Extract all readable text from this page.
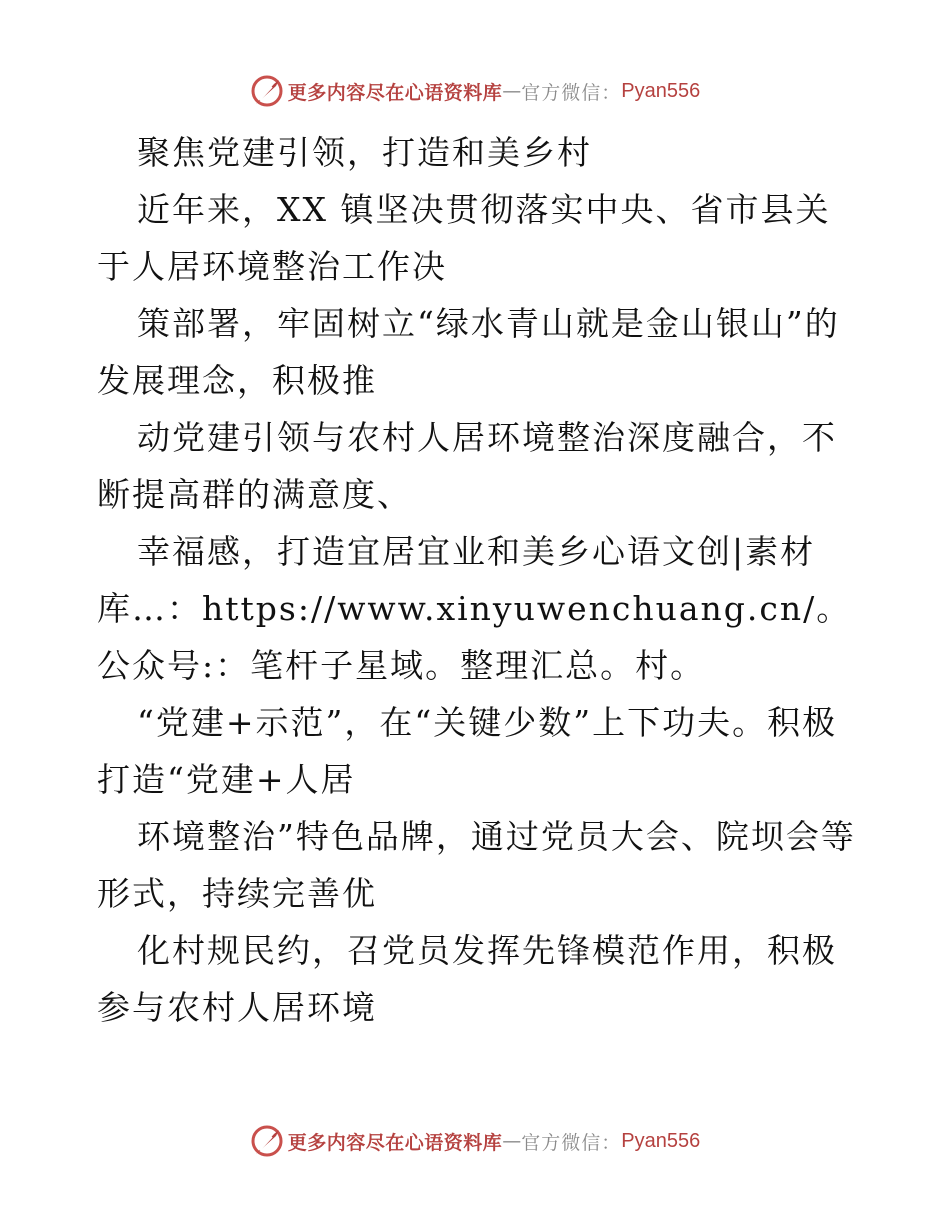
更多内容尽在心语资料库 — 官方微信： Pyan556

聚焦党建引领，打造和美乡村

近年来，XX 镇坚决贯彻落实中央、省市县关于人居环境整治工作决

策部署，牢固树立“绿水青山就是金山银山”的发展理念，积极推

动党建引领与农村人居环境整治深度融合，不断提高群的满意度、

幸福感，打造宜居宜业和美乡心语文创|素材库…：https://www.xinyuwenchuang.cn/。公众号:：笔杆子星域。整理汇总。村。

“党建+示范”，在“关键少数”上下功夫。积极打造“党建+人居

环境整治”特色品牌，通过党员大会、院坝会等形式，持续完善优

化村规民约，召党员发挥先锋模范作用，积极参与农村人居环境

更多内容尽在心语资料库 — 官方微信： Pyan556
